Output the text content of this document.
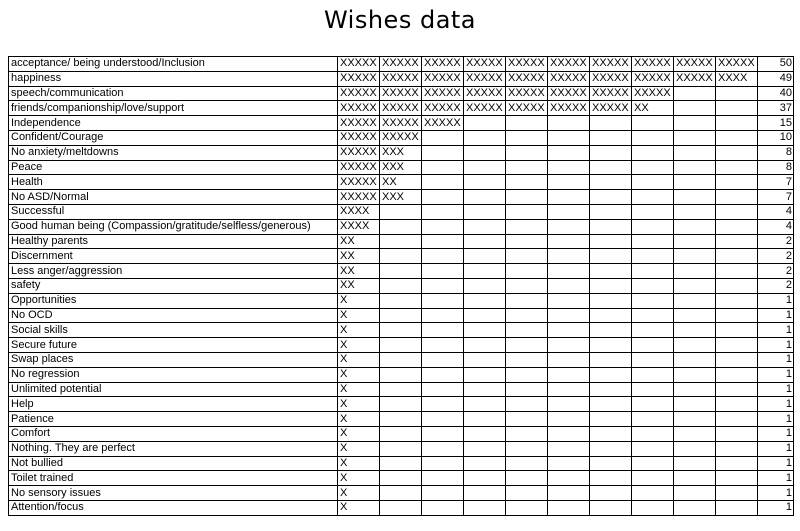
Wishes data
acceptance/ being understood/Inclusion	XXXXX	XXXXX	XXXXX	XXXXX	XXXXX	XXXXX	XXXXX	XXXXX	XXXXX	XXXXX	50
happiness	XXXXX	XXXXX	XXXXX	XXXXX	XXXXX	XXXXX	XXXXX	XXXXX	XXXXX	XXXX	49
speech/communication	XXXXX	XXXXX	XXXXX	XXXXX	XXXXX	XXXXX	XXXXX	XXXXX			40
friends/companionship/love/support	XXXXX	XXXXX	XXXXX	XXXXX	XXXXX	XXXXX	XXXXX	XX			37
Independence	XXXXX	XXXXX	XXXXX								15
Confident/Courage	XXXXX	XXXXX									10
No anxiety/meltdowns	XXXXX	XXX									8
Peace	XXXXX	XXX									8
Health	XXXXX	XX									7
No ASD/Normal	XXXXX	XXX									7
Successful	XXXX										4
Good human being (Compassion/gratitude/selfless/generous)	XXXX										4
Healthy parents	XX										2
Discernment	XX										2
Less anger/aggression	XX										2
safety	XX										2
Opportunities	X										1
No OCD	X										1
Social skills	X										1
Secure future	X										1
Swap places	X										1
No regression	X										1
Unlimited potential	X										1
Help	X										1
Patience	X										1
Comfort	X										1
Nothing. They are perfect	X										1
Not bullied	X										1
Toilet trained	X										1
No sensory issues	X										1
Attention/focus	X										1
